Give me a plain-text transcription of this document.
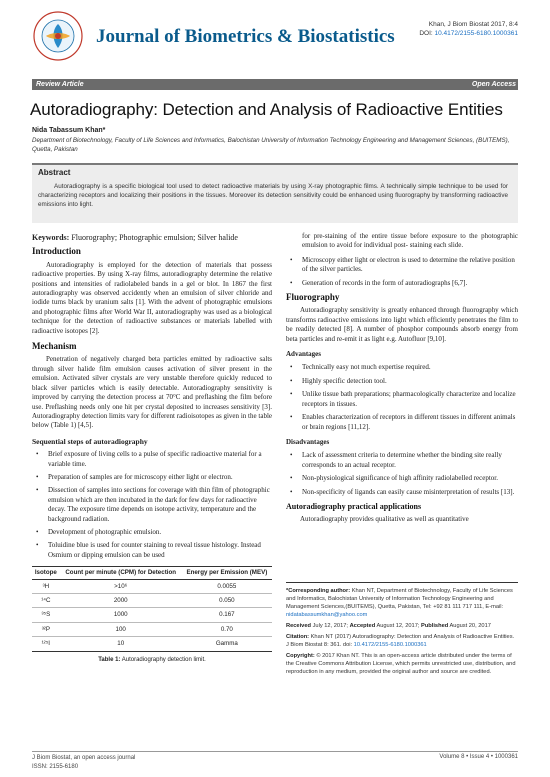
Journal of Biometrics & Biostatistics
Khan, J Biom Biostat 2017, 8:4
DOI: 10.4172/2155-6180.1000361
Review Article	Open Access
Autoradiography: Detection and Analysis of Radioactive Entities
Nida Tabassum Khan*
Department of Biotechnology, Faculty of Life Sciences and Informatics, Balochistan University of Information Technology Engineering and Management Sciences, (BUITEMS), Quetta, Pakistan
Abstract
Autoradiography is a specific biological tool used to detect radioactive materials by using X-ray photographic films. A technically simple technique to be used for characterizing receptors and localizing their positions in the tissues. Moreover its detection sensitivity could be enhanced using fluorography by transforming radioactive emissions into light.

Keywords: Fluorography; Photographic emulsion; Silver halide

Introduction

Autoradiography is employed for the detection of materials that possess radioactive properties. By using X-ray films, autoradiography determine the relative positions and intensities of radiolabeled bands in a gel or blot. In 1867 the first autoradiography was observed accidently when an emulsion of silver chloride and iodide turns black by uranium salts [1]. With the advent of photographic emulsions and photographic films after World War II, autoradiography was used as a biological technique for the detection of radioactive substances or materials labelled with radioactive isotopes [2].

Mechanism

Penetration of negatively charged beta particles emitted by radioactive salts through silver halide film emulsion causes activation of silver present in the emulsion. Activated silver crystals are very unstable therefore quickly reduced to black silver particles which is easily detectable. Autoradiography sensitivity is improved by carrying the detection process at 70°C and preflashing the film before use. Preflashing needs only one hit per crystal deposited to increases sensitivity [3]. Autoradiography detection limits vary for different radioisotopes as given in the table below (Table 1) [4,5].

Sequential steps of autoradiography
• Brief exposure of living cells to a pulse of specific radioactive material for a variable time.
• Preparation of samples are for microscopy either light or electron.
• Dissection of samples into sections for coverage with thin film of photographic emulsion which are then incubated in the dark for few days for radioactive decay. The exposure time depends on isotope activity, temperature and the background radiation.
• Development of photographic emulsion.
• Toluidine blue is used for counter staining to reveal tissue histology. Instead Osmium or dipping emulsion can be used
Isotope	Count per minute (CPM) for Detection	Energy per Emission (MEV)
³H	>10⁶	0.0055
¹⁴C	2000	0.050
³⁵S	1000	0.167
³²P	100	0.70
¹²⁵I	10	Gamma
Table 1: Autoradiography detection limit.

for pre-staining of the entire tissue before exposure to the photographic emulsion to avoid for individual post- staining each slide.

• Microscopy either light or electron is used to determine the relative position of the silver particles.
• Generation of records in the form of autoradiographs [6,7].
Fluorography

Autoradiography sensitivity is greatly enhanced through fluorography which transforms radioactive emissions into light which efficiently penetrates the film to be readily detected [8]. A number of phosphor compounds absorb energy from beta particles and re-emit it as light e.g. Autofluor [9,10].

Advantages
• Technically easy not much expertise required.
• Highly specific detection tool.
• Unlike tissue bath preparations; pharmacologically characterize and localize receptors in tissues.
• Enables characterization of receptors in different tissues in different animals or brain regions [11,12].
Disadvantages
• Lack of assessment criteria to determine whether the binding site really corresponds to an actual receptor.
• Non-physiological significance of high affinity radiolabelled receptor.
• Non-specificity of ligands can easily cause misinterpretation of results [13].
Autoradiography practical applications

Autoradiography provides qualitative as well as quantitative

*Corresponding author: Khan NT, Department of Biotechnology, Faculty of Life Sciences and Informatics, Balochistan University of Information Technology Engineering and Management Sciences,(BUITEMS), Quetta, Pakistan, Tel: +92 81 111 717 111, E-mail: nidatabassumkhan@yahoo.com
Received July 12, 2017; Accepted August 12, 2017; Published August 20, 2017
Citation: Khan NT (2017) Autoradiography: Detection and Analysis of Radioactive Entities. J Biom Biostat 8: 361. doi: 10.4172/2155-6180.1000361
Copyright: © 2017 Khan NT. This is an open-access article distributed under the terms of the Creative Commons Attribution License, which permits unrestricted use, distribution, and reproduction in any medium, provided the original author and source are credited.
J Biom Biostat, an open access journal
ISSN: 2155-6180
Volume 8 • Issue 4 • 1000361
